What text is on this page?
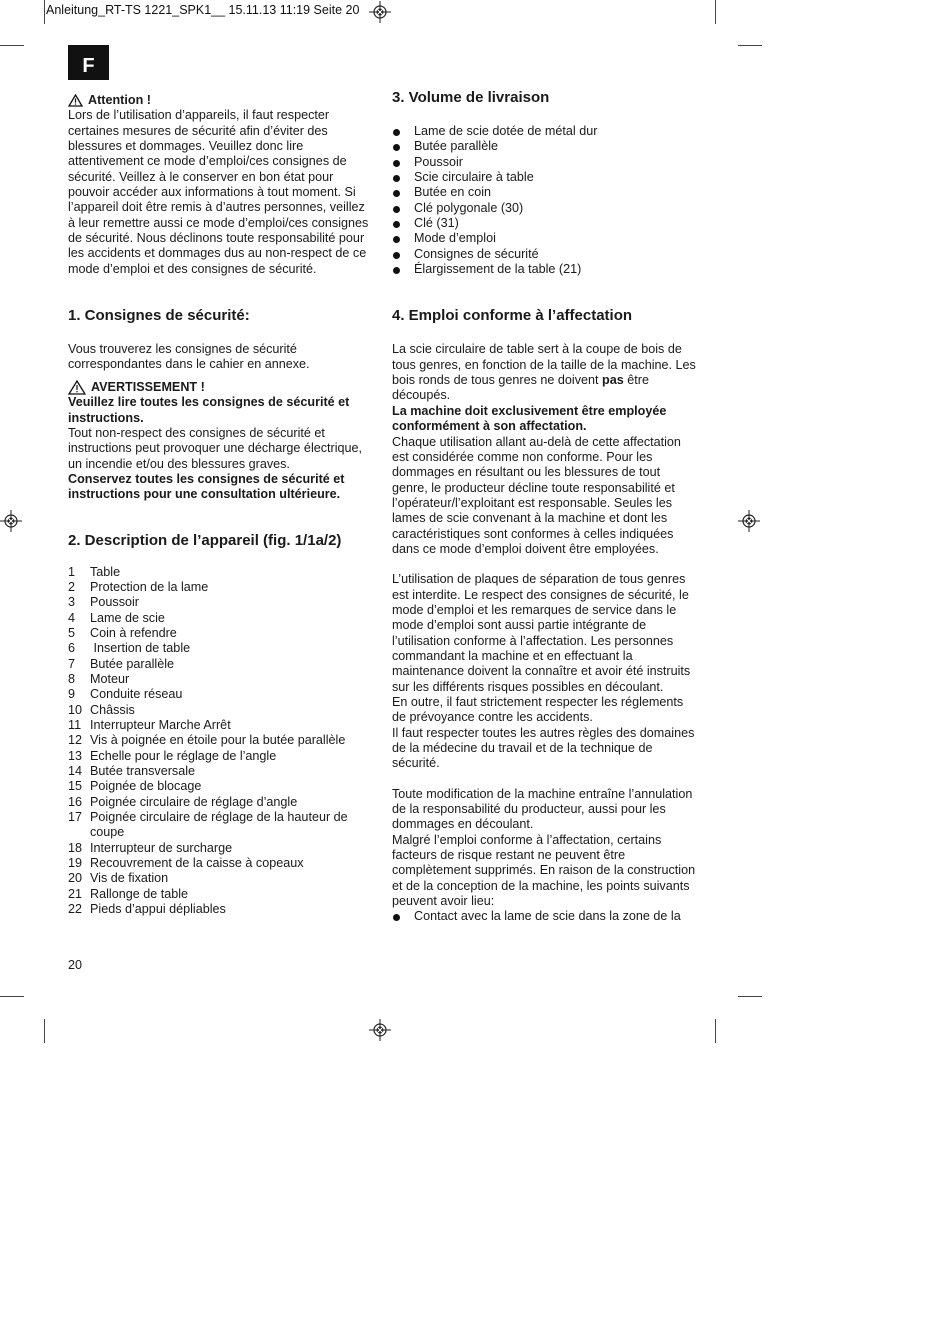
Anleitung_RT-TS 1221_SPK1__ 15.11.13 11:19 Seite 20
F
Attention !

Lors de l’utilisation d’appareils, il faut respecter certaines mesures de sécurité afin d’éviter des blessures et dommages. Veuillez donc lire attentivement ce mode d’emploi/ces consignes de sécurité. Veillez à le conserver en bon état pour pouvoir accéder aux informations à tout moment. Si l’appareil doit être remis à d’autres personnes, veillez à leur remettre aussi ce mode d’emploi/ces consignes de sécurité. Nous déclinons toute responsabilité pour les accidents et dommages dus au non-respect de ce mode d’emploi et des consignes de sécurité.

1. Consignes de sécurité:

Vous trouverez les consignes de sécurité correspondantes dans le cahier en annexe.

AVERTISSEMENT !

Veuillez lire toutes les consignes de sécurité et instructions.

Tout non-respect des consignes de sécurité et instructions peut provoquer une décharge électrique, un incendie et/ou des blessures graves.

Conservez toutes les consignes de sécurité et instructions pour une consultation ultérieure.

2. Description de l’appareil (fig. 1/1a/2)
1	Table
2	Protection de la lame
3	Poussoir
4	Lame de scie
5	Coin à refendre
6	Insertion de table
7	Butée parallèle
8	Moteur
9	Conduite réseau
10 Châssis
11 Interrupteur Marche Arrêt
12 Vis à poignée en étoile pour la butée parallèle
13 Echelle pour le réglage de l’angle
14 Butée transversale
15 Poignée de blocage
16 Poignée circulaire de réglage d’angle
17 Poignée circulaire de réglage de la hauteur de coupe
18 Interrupteur de surcharge
19 Recouvrement de la caisse à copeaux
20 Vis de fixation
21 Rallonge de table
22 Pieds d’appui dépliables
20
3. Volume de livraison
Lame de scie dotée de métal dur
Butée parallèle
Poussoir
Scie circulaire à table
Butée en coin
Clé polygonale (30)
Clé (31)
Mode d’emploi
Consignes de sécurité
Élargissement de la table (21)
4. Emploi conforme à l’affectation

La scie circulaire de table sert à la coupe de bois de tous genres, en fonction de la taille de la machine. Les bois ronds de tous genres ne doivent pas être découpés.

La machine doit exclusivement être employée conformément à son affectation.

Chaque utilisation allant au-delà de cette affectation est considérée comme non conforme. Pour les dommages en résultant ou les blessures de tout genre, le producteur décline toute responsabilité et l’opérateur/l’exploitant est responsable. Seules les lames de scie convenant à la machine et dont les caractéristiques sont conformes à celles indiquées dans ce mode d’emploi doivent être employées.

L’utilisation de plaques de séparation de tous genres est interdite. Le respect des consignes de sécurité, le mode d’emploi et les remarques de service dans le mode d’emploi sont aussi partie intégrante de l’utilisation conforme à l’affectation. Les personnes commandant la machine et en effectuant la maintenance doivent la connaître et avoir été instruits sur les différents risques possibles en découlant.

En outre, il faut strictement respecter les réglements de prévoyance contre les accidents.

Il faut respecter toutes les autres règles des domaines de la médecine du travail et de la technique de sécurité.

Toute modification de la machine entraîne l’annulation de la responsabilité du producteur, aussi pour les dommages en découlant.

Malgré l’emploi conforme à l’affectation, certains facteurs de risque restant ne peuvent être complètement supprimés. En raison de la construction et de la conception de la machine, les points suivants peuvent avoir lieu:

Contact avec la lame de scie dans la zone de la
